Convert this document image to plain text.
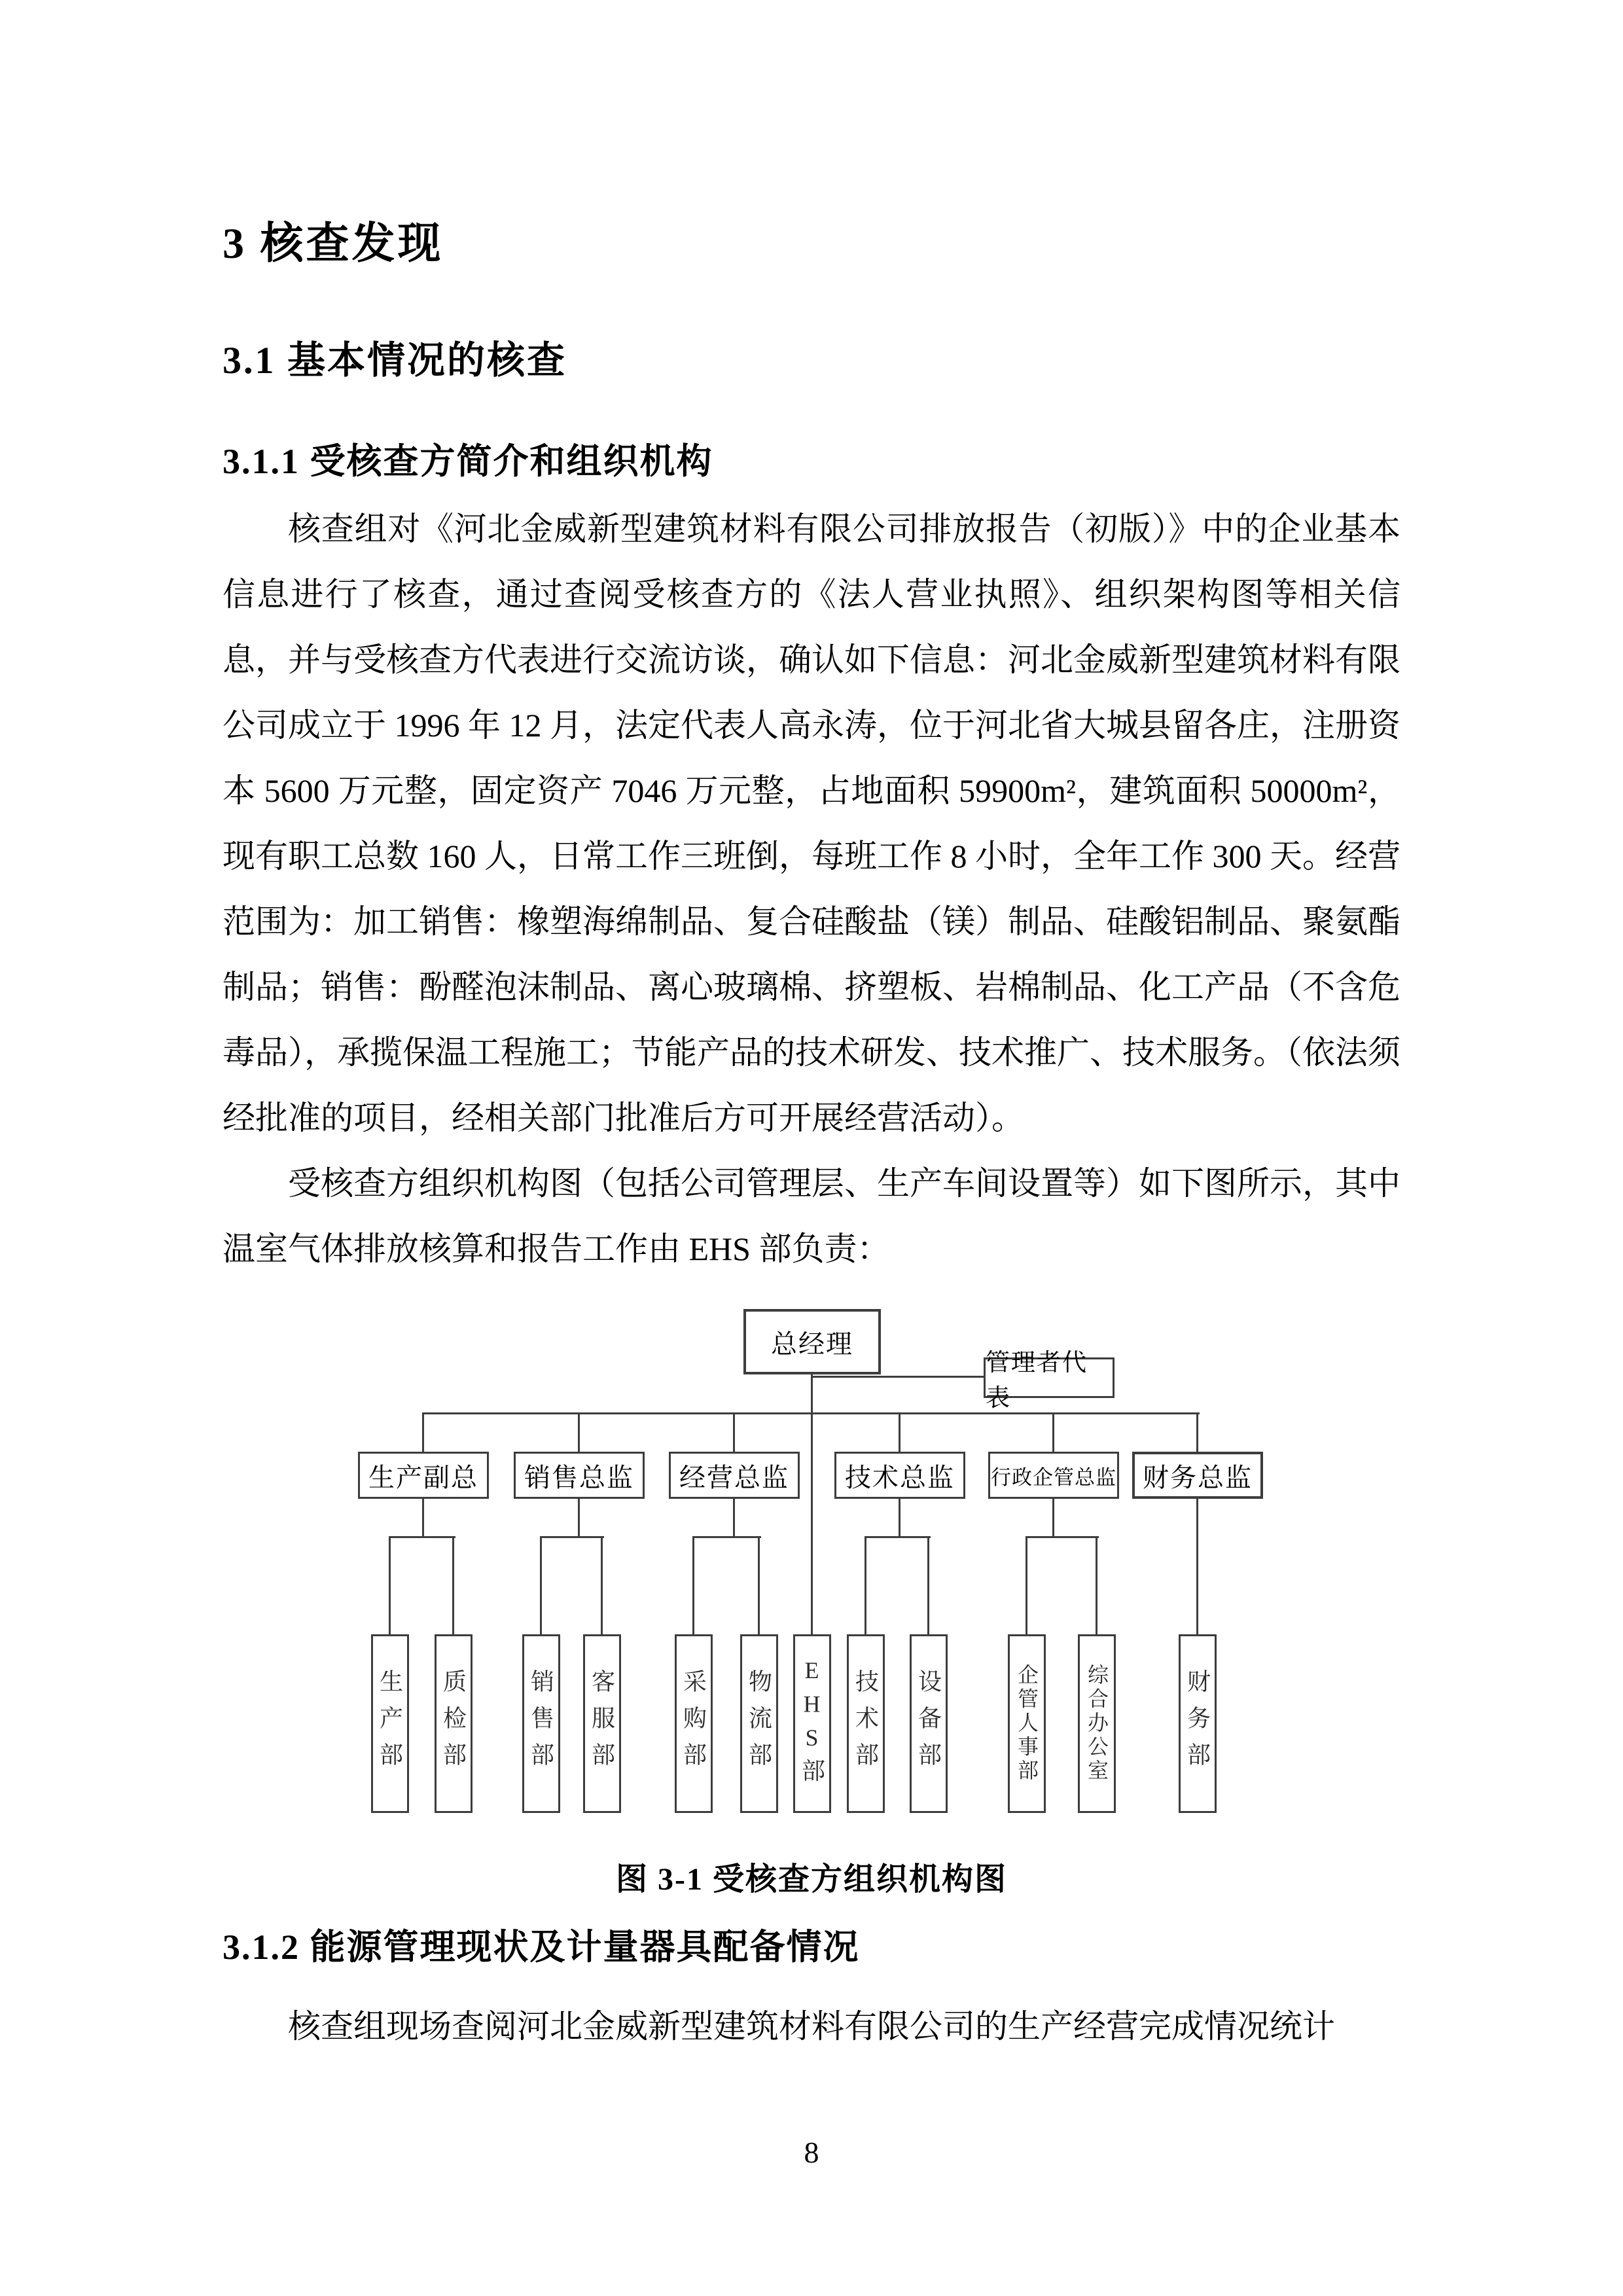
3 核查发现
3.1 基本情况的核查
3.1.1 受核查方简介和组织机构

核查组对《河北金威新型建筑材料有限公司排放报告（初版）》中的企业基本信息进行了核查，通过查阅受核查方的《法人营业执照》、组织架构图等相关信息，并与受核查方代表进行交流访谈，确认如下信息：河北金威新型建筑材料有限公司成立于 1996 年 12 月，法定代表人高永涛，位于河北省大城县留各庄，注册资本 5600 万元整，固定资产 7046 万元整，占地面积 59900m²，建筑面积 50000m²，现有职工总数 160 人，日常工作三班倒，每班工作 8 小时，全年工作 300 天。经营范围为：加工销售：橡塑海绵制品、复合硅酸盐（镁）制品、硅酸铝制品、聚氨酯制品；销售：酚醛泡沫制品、离心玻璃棉、挤塑板、岩棉制品、化工产品（不含危毒品），承揽保温工程施工；节能产品的技术研发、技术推广、技术服务。（依法须经批准的项目，经相关部门批准后方可开展经营活动）。

受核查方组织机构图（包括公司管理层、生产车间设置等）如下图所示，其中温室气体排放核算和报告工作由 EHS 部负责：

总经理
管理者代表
生产副总 销售总监 经营总监 技术总监 行政企管总监 财务总监
生产部 质检部	销售部 客服部	采购部 物流部 EHS部 技术部 设备部	企管人事部 综合办公室	财务部
图 3-1 受核查方组织机构图
3.1.2 能源管理现状及计量器具配备情况

核查组现场查阅河北金威新型建筑材料有限公司的生产经营完成情况统计

8
